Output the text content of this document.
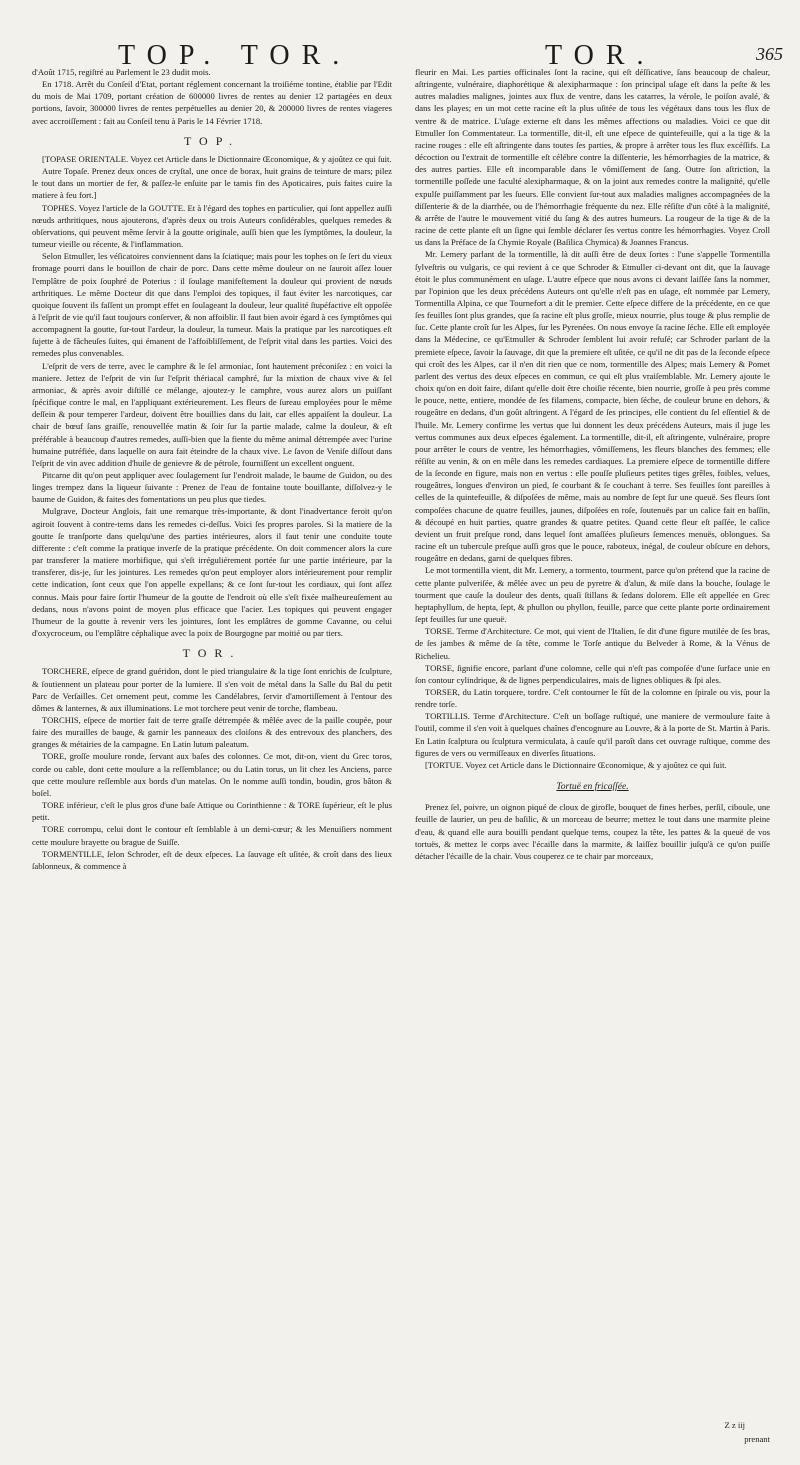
TOP. TOR.	TOR.	365

d'Août 1715, regiſtré au Parlement le 23 dudit mois.

En 1718. Arrêt du Conſeil d'Etat, portant réglement concernant la troiſiéme tontine, établie par l'Edit du mois de Mai 1709, portant création de 600000 livres de rentes au denier 12 partagées en deux portions, ſavoir, 300000 livres de rentes perpétuelles au denier 20, & 200000 livres de rentes viageres avec accroiſſement : fait au Conſeil tenu à Paris le 14 Février 1718.

TOP.

[TOPASE ORIENTALE. Voyez cet Article dans le Dictionnaire Œconomique, & y ajoûtez ce qui ſuit.

Autre Topaſe. Prenez deux onces de cryſtal, une once de borax, huit grains de teinture de mars; pilez le tout dans un mortier de fer, & paſſez-le enſuite par le tamis fin des Apoticaires, puis faites cuire la matiere à feu fort.]

TOPHES. Voyez l'article de la GOUTTE. Et à l'égard des tophes en particulier, qui ſont appellez auſſi nœuds arthritiques, nous ajouterons, d'après deux ou trois Auteurs conſidérables, quelques remedes & obſervations, qui peuvent même ſervir à la goutte originale, auſſi bien que les ſymptômes, la douleur, la tumeur vieille ou récente, & l'inflammation.

Selon Etmuller, les véſicatoires conviennent dans la ſciatique; mais pour les tophes on ſe ſert du vieux fromage pourri dans le bouillon de chair de porc. Dans cette même douleur on ne ſauroit aſſez louer l'emplâtre de poix ſouphré de Poterius : il ſoulage manifeſtement la douleur qui provient de nœuds arthritiques. Le même Docteur dit que dans l'emploi des topiques, il faut éviter les narcotiques, car quoique ſouvent ils faſſent un prompt effet en ſoulageant la douleur, leur qualité ſtupéfactive eſt oppoſée à l'eſprit de vie qu'il faut toujours conſerver, & non affoiblir. Il faut bien avoir égard à ces ſymptômes qui accompagnent la goutte, ſur-tout l'ardeur, la douleur, la tumeur. Mais la pratique par les narcotiques eſt ſujette à de fâcheuſes ſuites, qui émanent de l'affoibliſſement, de l'eſprit vital dans les parties. Voici des remedes plus convenables.

L'eſprit de vers de terre, avec le camphre & le ſel armoniac, ſont hautement préconiſez : en voici la maniere. Jettez de l'eſprit de vin ſur l'eſprit thériacal camphré, ſur la mixtion de chaux vive & ſel armoniac, & après avoir diſtillé ce mélange, ajoutez-y le camphre, vous aurez alors un puiſſant ſpécifique contre le mal, en l'appliquant extérieurement. Les fleurs de ſureau employées pour le même deſſein & pour temperer l'ardeur, doivent être bouillies dans du lait, car elles appaiſent la douleur. La chair de bœuf ſans graiſſe, renouvellée matin & ſoir ſur la partie malade, calme la douleur, & eſt préférable à beaucoup d'autres remedes, auſſi-bien que la fiente du même animal détrempée avec l'urine humaine putréfiée, dans laquelle on aura fait éteindre de la chaux vive. Le ſavon de Veniſe diſſout dans l'eſprit de vin avec addition d'huile de genievre & de pétrole, fourniſſent un excellent onguent.

Pitcarne dit qu'on peut appliquer avec ſoulagement ſur l'endroit malade, le baume de Guidon, ou des linges trempez dans la liqueur ſuivante : Prenez de l'eau de fontaine toute bouillante, diſſolvez-y le baume de Guidon, & faites des fomentations un peu plus que tiedes.

Mulgrave, Docteur Anglois, fait une remarque très-importante, & dont l'inadvertance feroit qu'on agiroit ſouvent à contre-tems dans les remedes ci-deſſus. Voici ſes propres paroles. Si la matiere de la goutte ſe tranſporte dans quelqu'une des parties intérieures, alors il faut tenir une conduite toute differente : c'eſt comme la pratique inverſe de la pratique précédente. On doit commencer alors la cure par transferer la matiere morbifique, qui s'eſt irréguliérement portée ſur une partie intérieure, par la transferer, dis-je, ſur les jointures. Les remedes qu'on peut employer alors intérieurement pour remplir cette indication, ſont ceux que l'on appelle expellans; & ce ſont ſur-tout les cordiaux, qui ſont aſſez connus. Mais pour faire ſortir l'humeur de la goutte de l'endroit où elle s'eſt fixée malheureuſement au dedans, nous n'avons point de moyen plus efficace que l'acier. Les topiques qui peuvent engager l'humeur de la goutte à revenir vers les jointures, ſont les emplâtres de gomme Cavanne, ou celui d'oxycroceum, ou l'emplâtre céphalique avec la poix de Bourgogne par moitié ou par tiers.

TOR.

TORCHERE, eſpece de grand guéridon, dont le pied triangulaire & la tige ſont enrichis de ſculpture, & ſoutiennent un plateau pour porter de la lumiere. Il s'en voit de métal dans la Salle du Bal du petit Parc de Verſailles. Cet ornement peut, comme les Candélabres, ſervir d'amortiſſement à l'entour des dômes & lanternes, & aux illuminations. Le mot torchere peut venir de torche, flambeau.

TORCHIS, eſpece de mortier fait de terre graſſe détrempée & mêlée avec de la paille coupée, pour faire des murailles de bauge, & garnir les panneaux des cloiſons & des entrevoux des planchers, des granges & métairies de la campagne. En Latin lutum paleatum.

TORE, groſſe moulure ronde, ſervant aux baſes des colonnes. Ce mot, dit-on, vient du Grec toros, corde ou cable, dont cette moulure a la reſſemblance; ou du Latin torus, un lit chez les Anciens, parce que cette moulure reſſemble aux bords d'un matelas. On le nomme auſſi tondin, boudin, gros bâton & boſel.

TORE inférieur, c'eſt le plus gros d'une baſe Attique ou Corinthienne : & TORE ſupérieur, eſt le plus petit.

TORE corrompu, celui dont le contour eſt ſemblable à un demi-cœur; & les Menuiſiers nomment cette moulure brayette ou brague de Suiſſe.

TORMENTILLE, ſelon Schroder, eſt de deux eſpeces. La ſauvage eſt uſitée, & croît dans des lieux ſablonneux, & commence à

fleurir en Mai. Les parties officinales ſont la racine, qui eſt déſſicative, ſans beaucoup de chaleur, aſtringente, vulnéraire, diaphorétique & alexipharmaque : ſon principal uſage eſt dans la peſte & les autres maladies malignes, jointes aux flux de ventre, dans les catarres, la vérole, le poiſon avalé, & dans les playes; en un mot cette racine eſt la plus uſitée de tous les végétaux dans tous les flux de ventre & de matrice. L'uſage externe eſt dans les mêmes affections ou maladies. Voici ce que dit Etmuller ſon Commentateur. La tormentille, dit-il, eſt une eſpece de quintefeuille, qui a la tige & la racine rouges : elle eſt aſtringente dans toutes ſes parties, & propre à arrêter tous les flux excéſſifs. La décoction ou l'extrait de tormentille eſt célébre contre la diſſenterie, les hémorrhagies de la matrice, & des autres parties. Elle eſt incomparable dans le vômiſſement de ſang. Outre ſon aſtriction, la tormentille poſſede une faculté alexipharmaque, & on la joint aux remedes contre la malignité, qu'elle expulſe puiſſamment par les ſueurs. Elle convient ſur-tout aux maladies malignes accompagnées de la diſſenterie & de la diarrhée, ou de l'hémorrhagie fréquente du nez. Elle réſiſte d'un côté à la malignité, & arrête de l'autre le mouvement vitié du ſang & des autres humeurs. La rougeur de la tige & de la racine de cette plante eſt un ſigne qui ſemble déclarer ſes vertus contre les hémorrhagies. Voyez Croll us dans la Préface de ſa Chymie Royale (Baſilica Chymica) & Joannes Francus.

Mr. Lemery parlant de la tormentille, là dit auſſi être de deux ſortes : l'une s'appelle Tormentilla ſylveſtris ou vulgaris, ce qui revient à ce que Schroder & Etmuller ci-devant ont dit, que la ſauvage étoit le plus communément en uſage. L'autre eſpece que nous avons ci devant laiſſée ſans la nommer, par l'opinion que les deux précédens Auteurs ont qu'elle n'eſt pas en uſage, eſt nommée par Lemery, Tormentilla Alpina, ce que Tournefort a dit le premier. Cette eſpece differe de la précédente, en ce que ſes feuilles ſont plus grandes, que ſa racine eſt plus groſſe, mieux nourrie, plus touge & plus remplie de ſuc. Cette plante croît ſur les Alpes, ſur les Pyrenées. On nous envoye ſa racine ſéche. Elle eſt employée dans la Médecine, ce qu'Etmuller & Schroder ſemblent lui avoir refuſé; car Schroder parlant de la premiete eſpece, ſavoir la ſauvage, dit que la premiere eſt uſitée, ce qu'il ne dit pas de la ſeconde eſpece qui croît des les Alpes, car il n'en dit rien que ce nom, tormentille des Alpes; mais Lemery & Pomet parlent des vertus des deux eſpeces en commun, ce qui eſt plus vraiſemblable. Mr. Lemery ajoute le choix qu'on en doit faire, diſant qu'elle doit être choiſie récente, bien nourrie, groſſe à peu près comme le pouce, nette, entiere, mondée de ſes filamens, compacte, bien ſéche, de couleur brune en dehors, & rougeâtre en dedans, d'un goût aſtringent. A l'égard de ſes principes, elle contient du ſel eſſentiel & de l'huile. Mr. Lemery confirme les vertus que lui donnent les deux précédens Auteurs, mais il juge les vertus communes aux deux eſpeces également. La tormentille, dit-il, eſt aſtringente, vulnéraire, propre pour arrêter le cours de ventre, les hémorrhagies, vômiſſemens, les fleurs blanches des femmes; elle réſiſte au venin, & on en mêle dans les remedes cardiaques. La premiere eſpece de tormentille differe de la ſeconde en figure, mais non en vertus : elle pouſſe pluſieurs petites tiges grêles, foibles, velues, rougeâtres, longues d'environ un pied, ſe courbant & ſe couchant à terre. Ses feuilles ſont pareilles à celles de la quintefeuille, & diſpoſées de même, mais au nombre de ſept ſur une queuë. Ses fleurs ſont compoſées chacune de quatre feuilles, jaunes, diſpoſées en roſe, ſoutenuës par un calice fait en baſſin, & découpé en huit parties, quatre grandes & quatre petites. Quand cette fleur eſt paſſée, le calice devient un fruit preſque rond, dans lequel ſont amaſſées pluſieurs ſemences menuës, oblongues. Sa racine eſt un tubercule preſque auſſi gros que le pouce, raboteux, inégal, de couleur obſcure en dehors, rougeâtre en dedans, garni de quelques fibres.

Le mot tormentilla vient, dit Mr. Lemery, a tormento, tourment, parce qu'on prétend que la racine de cette plante pulveriſée, & mêlée avec un peu de pyretre & d'alun, & miſe dans la bouche, ſoulage le tourment que cauſe la douleur des dents, quaſi ſtillans & ſedans dolorem. Elle eſt appellée en Grec heptaphyllum, de hepta, ſept, & phullon ou phyllon, feuille, parce que cette plante porte ordinairement ſept feuilles ſur une queuë.

TORSE. Terme d'Architecture. Ce mot, qui vient de l'Italien, ſe dit d'une figure mutilée de ſes bras, de ſes jambes & même de ſa tête, comme le Torſe antique du Belveder à Rome, & la Vénus de Richelieu.

TORSE, ſignifie encore, parlant d'une colomne, celle qui n'eſt pas compoſée d'une ſurface unie en ſon contour cylindrique, & de lignes perpendiculaires, mais de lignes obliques & ſpi ales.

TORSER, du Latin torquere, tordre. C'eſt contourner le fût de la colomne en ſpirale ou vis, pour la rendre torſe.

TORTILLIS. Terme d'Architecture. C'eſt un boſſage ruſtiqué, une maniere de vermoulure faite à l'outil, comme il s'en voit à quelques chaînes d'encognure au Louvre, & à la porte de St. Martin à Paris. En Latin ſcalptura ou ſculptura vermiculata, à cauſe qu'il paroît dans cet ouvrage ruſtique, comme des figures de vers ou vermiſſeaux en diverſes ſituations.

[TORTUE. Voyez cet Article dans le Dictionnaire Œconomique, & y ajoûtez ce qui ſuit.

Tortuë en fricaſſée.

Prenez ſel, poivre, un oignon piqué de cloux de girofle, bouquet de fines herbes, perſil, ciboule, une feuille de laurier, un peu de baſilic, & un morceau de beurre; mettez le tout dans une marmite pleine d'eau, & quand elle aura bouilli pendant quelque tems, coupez la tête, les pattes & la queuë de vos tortuës, & mettez le corps avec l'écaille dans la marmite, & laiſſez bouillir juſqu'à ce qu'on puiſſe détacher l'écaille de la chair. Vous couperez ce te chair par morceaux,

Z z iij
prenant
